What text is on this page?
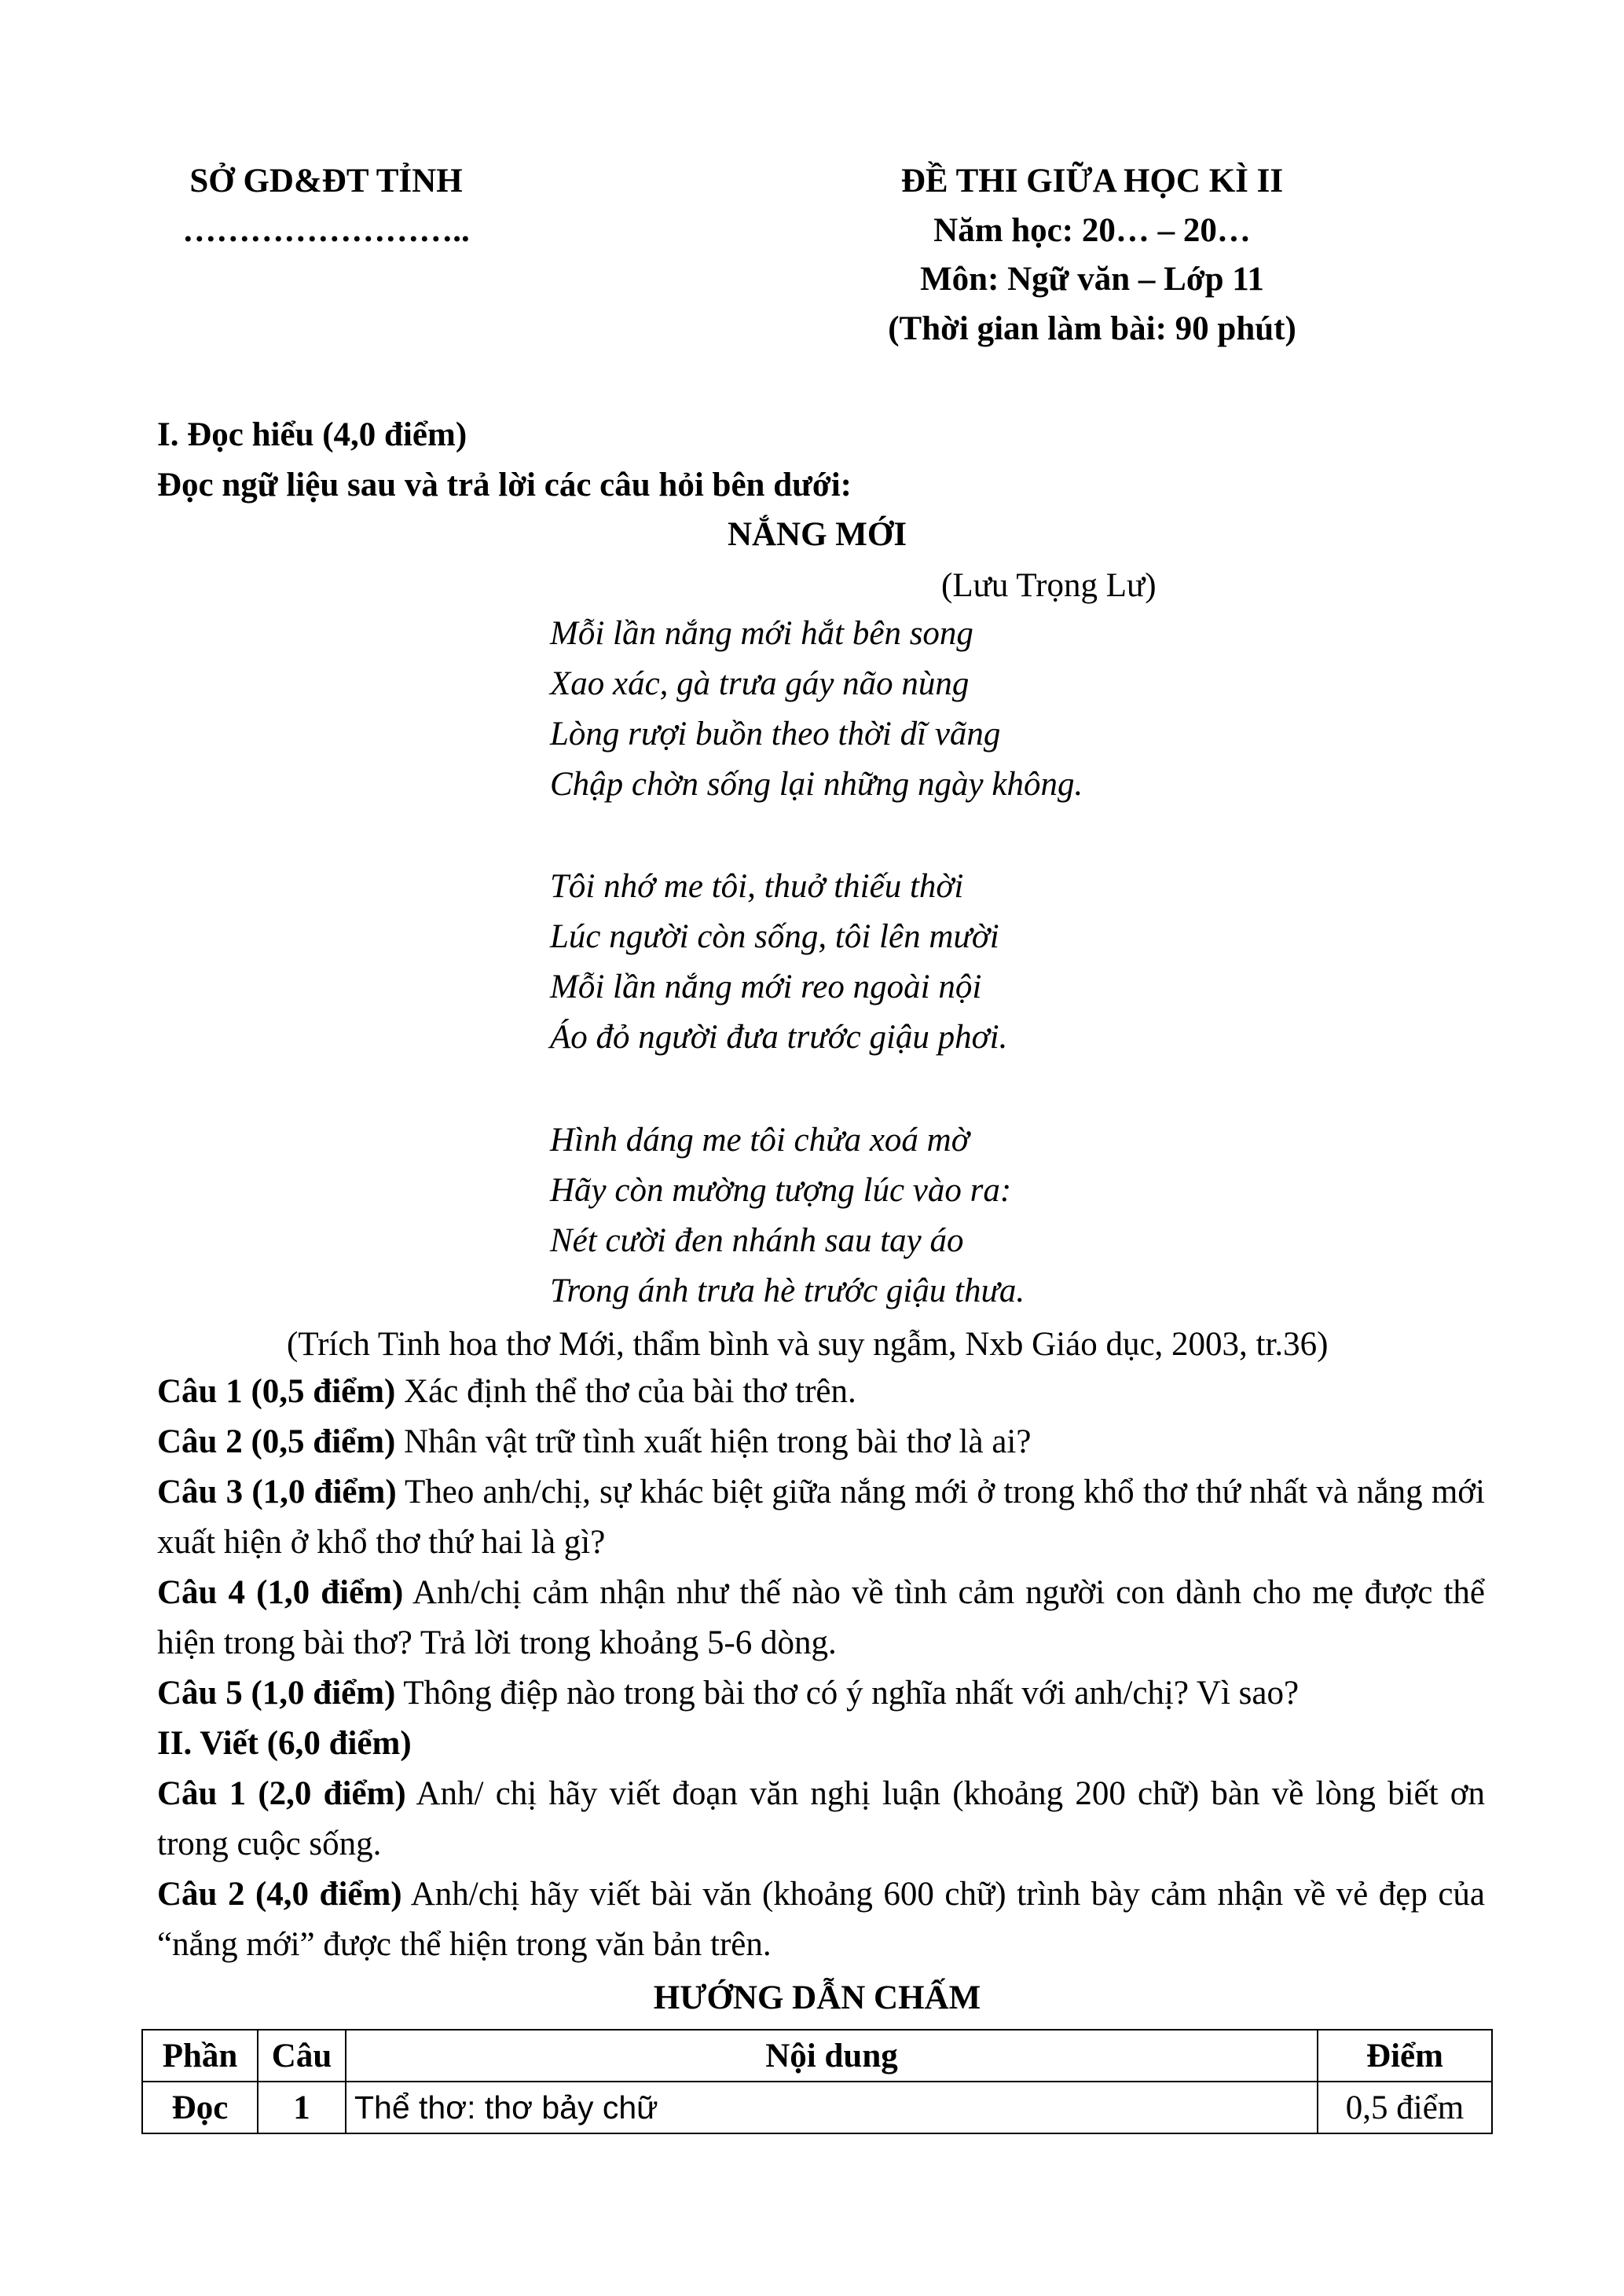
SỞ GD&ĐT TỈNH
……………………..
ĐỀ THI GIỮA HỌC KÌ II
Năm học: 20… – 20…
Môn: Ngữ văn – Lớp 11
(Thời gian làm bài: 90 phút)
I. Đọc hiểu (4,0 điểm)
Đọc ngữ liệu sau và trả lời các câu hỏi bên dưới:
NẮNG MỚI
(Lưu Trọng Lư)
Mỗi lần nắng mới hắt bên song
Xao xác, gà trưa gáy não nùng
Lòng rượi buồn theo thời dĩ vãng
Chập chờn sống lại những ngày không.
Tôi nhớ me tôi, thuở thiếu thời
Lúc người còn sống, tôi lên mười
Mỗi lần nắng mới reo ngoài nội
Áo đỏ người đưa trước giậu phơi.
Hình dáng me tôi chửa xoá mờ
Hãy còn mường tượng lúc vào ra:
Nét cười đen nhánh sau tay áo
Trong ánh trưa hè trước giậu thưa.
(Trích Tinh hoa thơ Mới, thẩm bình và suy ngẫm, Nxb Giáo dục, 2003, tr.36)
Câu 1 (0,5 điểm) Xác định thể thơ của bài thơ trên.
Câu 2 (0,5 điểm) Nhân vật trữ tình xuất hiện trong bài thơ là ai?
Câu 3 (1,0 điểm) Theo anh/chị, sự khác biệt giữa nắng mới ở trong khổ thơ thứ nhất và nắng mới xuất hiện ở khổ thơ thứ hai là gì?
Câu 4 (1,0 điểm) Anh/chị cảm nhận như thế nào về tình cảm người con dành cho mẹ được thể hiện trong bài thơ? Trả lời trong khoảng 5-6 dòng.
Câu 5 (1,0 điểm) Thông điệp nào trong bài thơ có ý nghĩa nhất với anh/chị? Vì sao?
II. Viết (6,0 điểm)
Câu 1 (2,0 điểm) Anh/ chị hãy viết đoạn văn nghị luận (khoảng 200 chữ) bàn về lòng biết ơn trong cuộc sống.
Câu 2 (4,0 điểm) Anh/chị hãy viết bài văn (khoảng 600 chữ) trình bày cảm nhận về vẻ đẹp của “nắng mới” được thể hiện trong văn bản trên.
HƯỚNG DẪN CHẤM
Phần	Câu	Nội dung	Điểm
Đọc	1	Thể thơ: thơ bảy chữ	0,5 điểm
